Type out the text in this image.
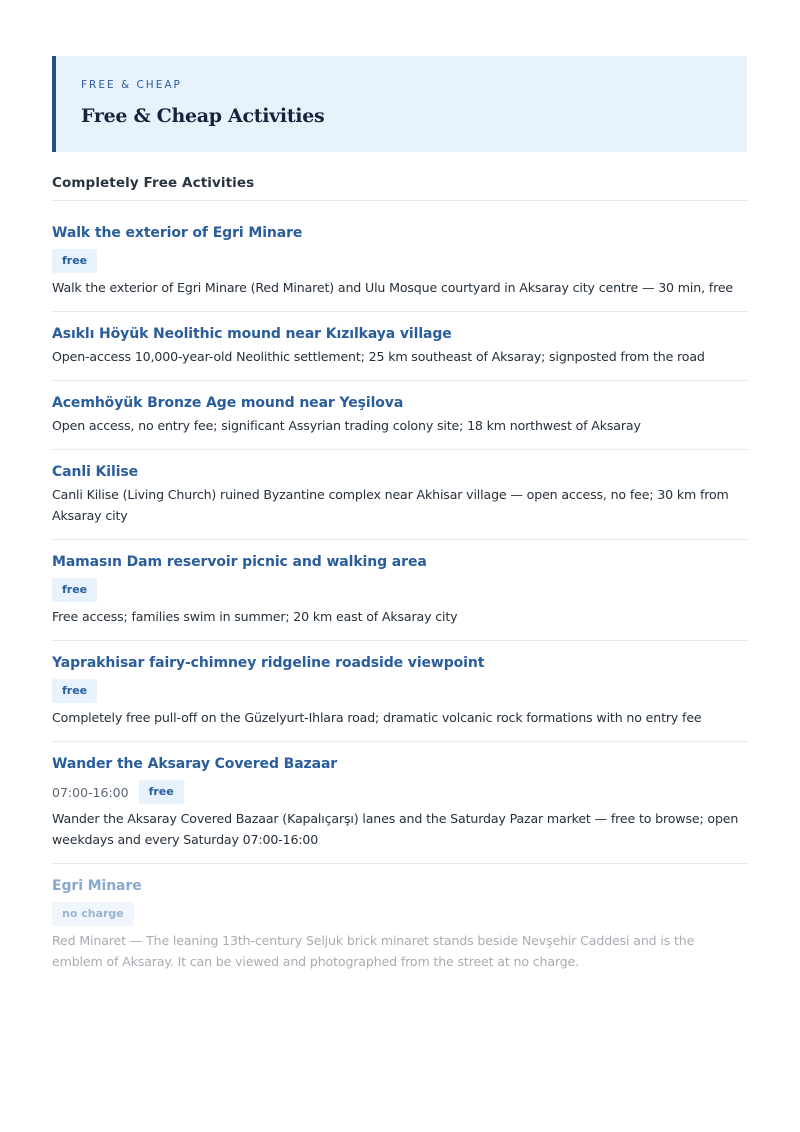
FREE & CHEAP

Free & Cheap Activities
Completely Free Activities
Walk the exterior of Egri Minare
free

Walk the exterior of Egri Minare (Red Minaret) and Ulu Mosque courtyard in Aksaray city centre — 30 min, free

Asıklı Höyük Neolithic mound near Kızılkaya village

Open-access 10,000-year-old Neolithic settlement; 25 km southeast of Aksaray; signposted from the road

Acemhöyük Bronze Age mound near Yeşilova

Open access, no entry fee; significant Assyrian trading colony site; 18 km northwest of Aksaray

Canli Kilise

Canli Kilise (Living Church) ruined Byzantine complex near Akhisar village — open access, no fee; 30 km from Aksaray city

Mamasın Dam reservoir picnic and walking area
free

Free access; families swim in summer; 20 km east of Aksaray city

Yaprakhisar fairy-chimney ridgeline roadside viewpoint
free

Completely free pull-off on the Güzelyurt-Ihlara road; dramatic volcanic rock formations with no entry fee

Wander the Aksaray Covered Bazaar
07:00-16:00	free

Wander the Aksaray Covered Bazaar (Kapalıçarşı) lanes and the Saturday Pazar market — free to browse; open weekdays and every Saturday 07:00-16:00

Egri Minare
no charge

Red Minaret — The leaning 13th-century Seljuk brick minaret stands beside Nevşehir Caddesi and is the emblem of Aksaray. It can be viewed and photographed from the street at no charge.
